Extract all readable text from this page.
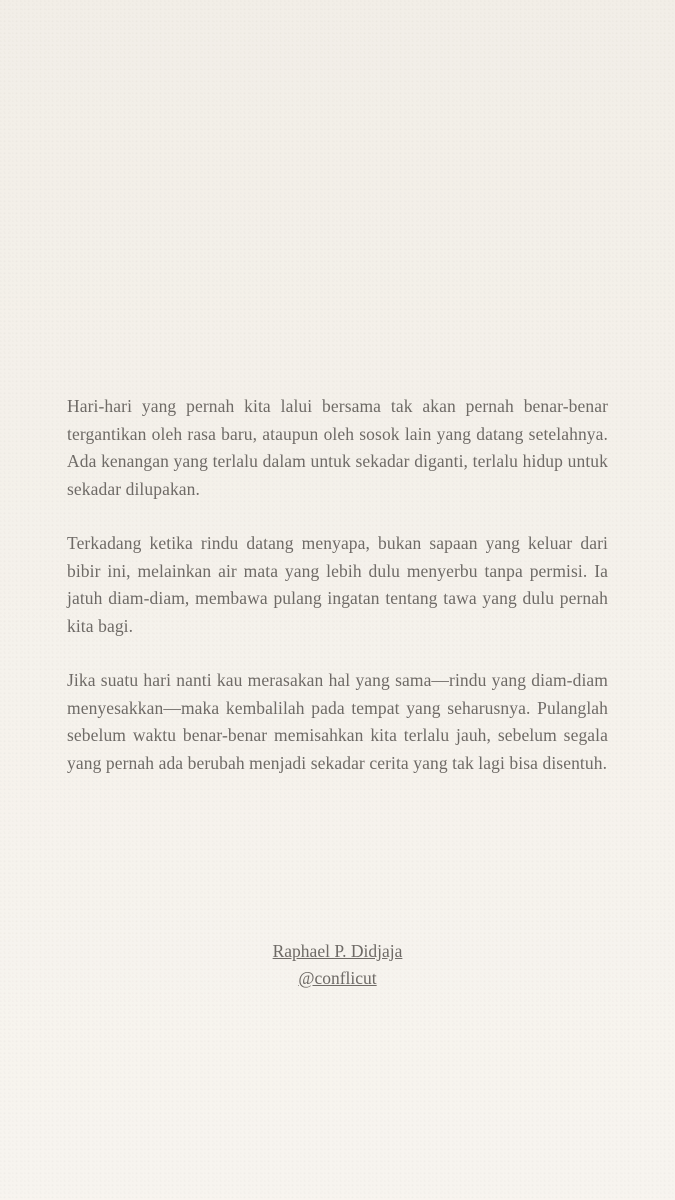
Hari-hari yang pernah kita lalui bersama tak akan pernah benar-benar tergantikan oleh rasa baru, ataupun oleh sosok lain yang datang setelahnya. Ada kenangan yang terlalu dalam untuk sekadar diganti, terlalu hidup untuk sekadar dilupakan.

Terkadang ketika rindu datang menyapa, bukan sapaan yang keluar dari bibir ini, melainkan air mata yang lebih dulu menyerbu tanpa permisi. Ia jatuh diam-diam, membawa pulang ingatan tentang tawa yang dulu pernah kita bagi.

Jika suatu hari nanti kau merasakan hal yang sama—rindu yang diam-diam menyesakkan—maka kembalilah pada tempat yang seharusnya. Pulanglah sebelum waktu benar-benar memisahkan kita terlalu jauh, sebelum segala yang pernah ada berubah menjadi sekadar cerita yang tak lagi bisa disentuh.

Raphael P. Didjaja
@conflicut
